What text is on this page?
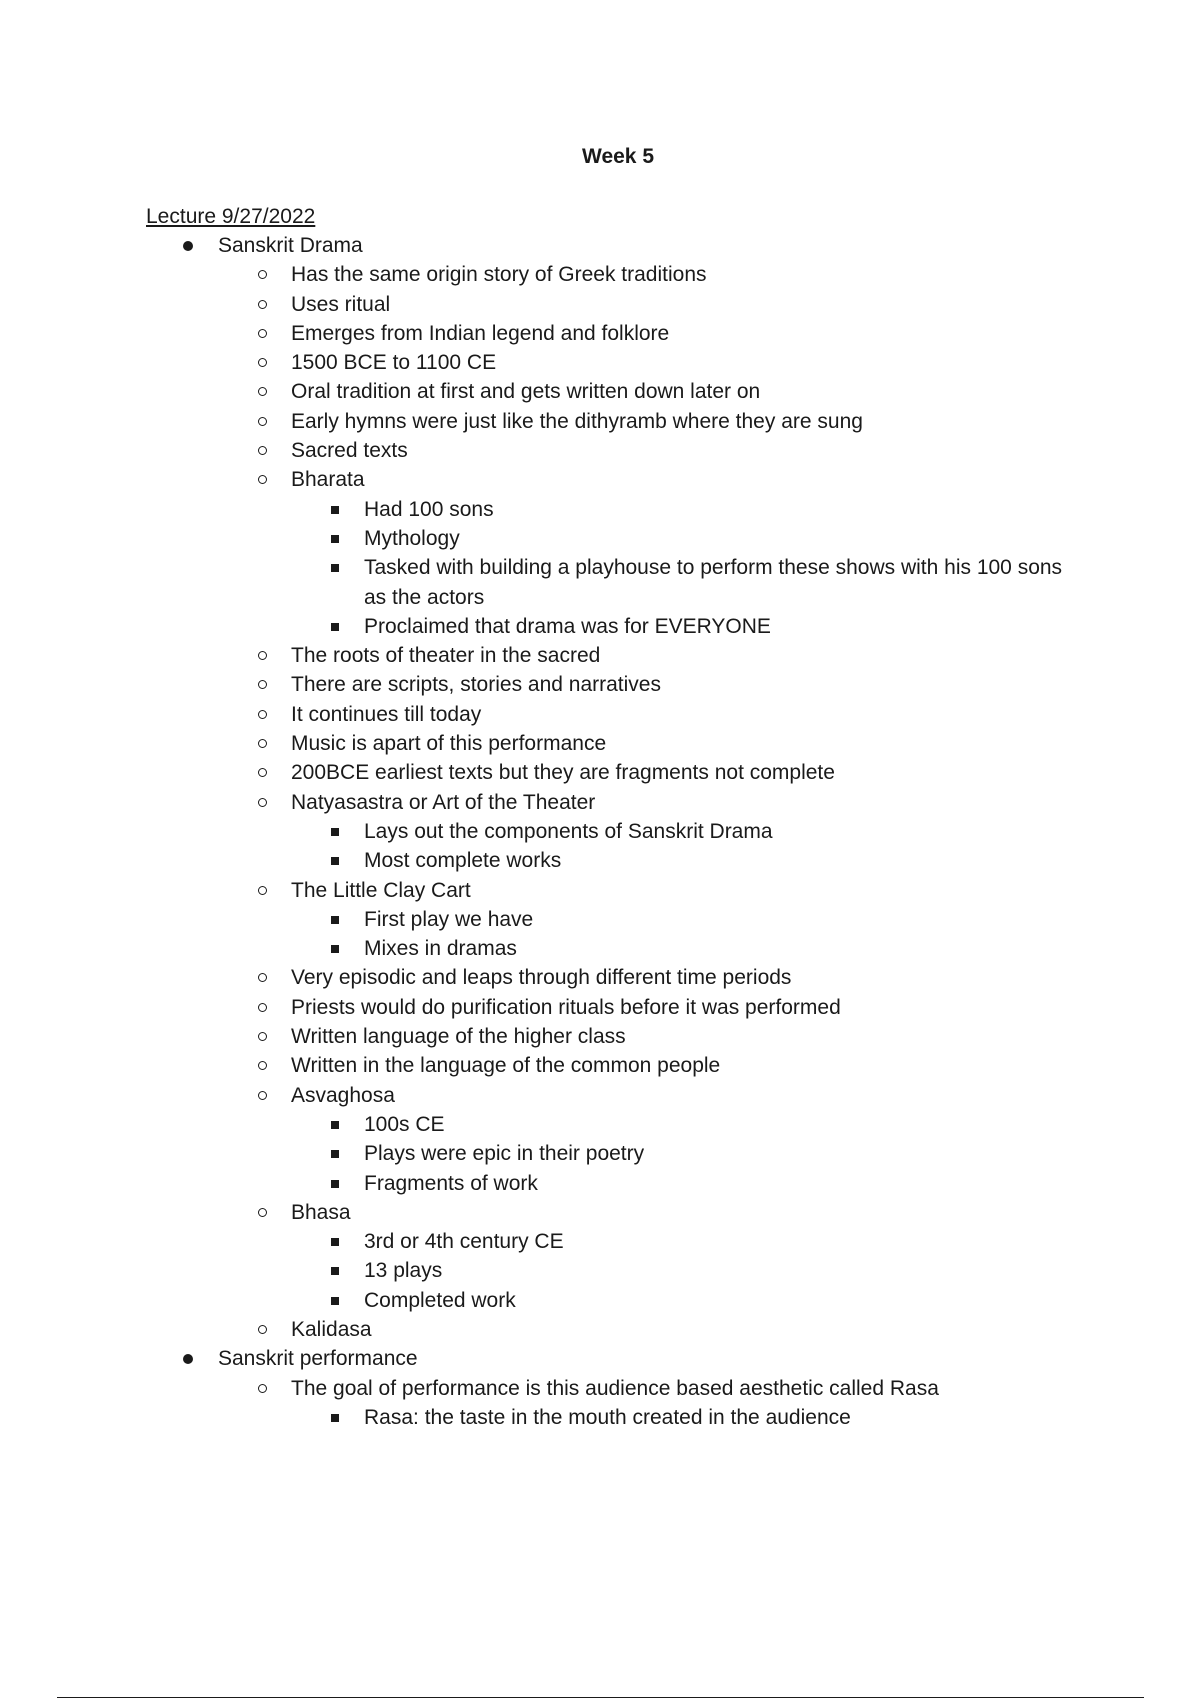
Week 5
Lecture 9/27/2022
Sanskrit Drama
Has the same origin story of Greek traditions
Uses ritual
Emerges from Indian legend and folklore
1500 BCE to 1100 CE
Oral tradition at first and gets written down later on
Early hymns were just like the dithyramb where they are sung
Sacred texts
Bharata
Had 100 sons
Mythology
Tasked with building a playhouse to perform these shows with his 100 sons as the actors
Proclaimed that drama was for EVERYONE
The roots of theater in the sacred
There are scripts, stories and narratives
It continues till today
Music is apart of this performance
200BCE earliest texts but they are fragments not complete
Natyasastra or Art of the Theater
Lays out the components of Sanskrit Drama
Most complete works
The Little Clay Cart
First play we have
Mixes in dramas
Very episodic and leaps through different time periods
Priests would do purification rituals before it was performed
Written language of the higher class
Written in the language of the common people
Asvaghosa
100s CE
Plays were epic in their poetry
Fragments of work
Bhasa
3rd or 4th century CE
13 plays
Completed work
Kalidasa
Sanskrit performance
The goal of performance is this audience based aesthetic called Rasa
Rasa: the taste in the mouth created in the audience
